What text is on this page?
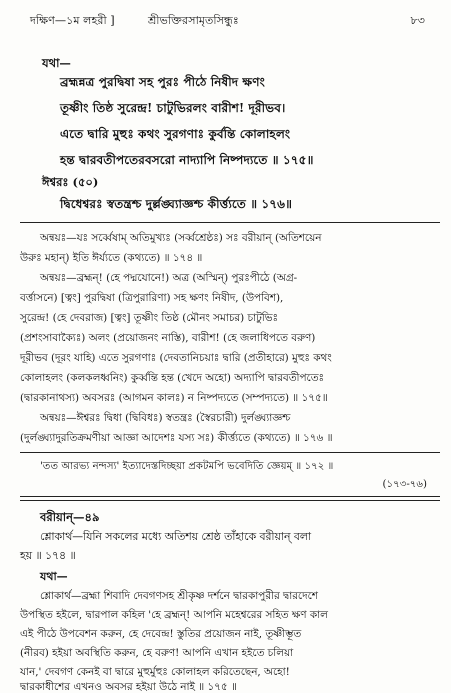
দক্ষিণ—১ম লহরী ]	শ্রীভক্তিরসামৃতসিন্ধুঃ	৮৩
যথা—
ব্রহ্মন্নত্র পুরদ্বিষা সহ পুরঃ পীঠে নিষীদ ক্ষণং
তূষ্ণীং তিষ্ঠ সুরেন্দ্র! চাটুভিরলং বারীশ! দূরীভব।
এতে দ্বারি মুহুঃ কথং সুরগণাঃ কুর্বন্তি কোলাহলং
হন্ত দ্বারবতীপতেরবসরো নাদ্যাপি নিষ্পদ্যতে ॥ ১৭৫॥
ঈশ্বরঃ (৫০)
দ্বিধেশ্বরঃ স্বতন্ত্রশ্চ দুর্ল্লঙ্ঘ্যাজ্ঞশ্চ কীর্ত্ত্যতে ॥ ১৭৬॥
অন্বয়ঃ—যঃ সর্ব্বেষাম্ অতিমুখ্যঃ (সর্ব্বশ্রেষ্ঠঃ) সঃ বরীয়ান্ (অতিশয়েন
উরুঃ মহান্) ইতি ঈর্য্যতে (কথ্যতে) ॥ ১৭৪ ॥
অন্বয়ঃ—ব্রহ্মন্! (হে পদ্মযোনে!) অত্র (অস্মিন্) পুরঃপীঠে (অগ্র-
বর্ত্তাসনে) [ত্বং] পুরদ্বিষা (ত্রিপুরারিণা) সহ ক্ষণং নিষীদ, (উপবিশ),
সুরেন্দ্র! (হে দেবরাজ) [ত্বং] তূষ্ণীং তিষ্ঠ (মৌনং সমাচর) চাটুভিঃ
(প্রশংসাবাক্যৈঃ) অলং (প্রয়োজনং নাস্তি), বারীশ! (হে জলাধিপতে বরুণ)
দূরীভব (দূরং যাহি) এতে সুরগণাঃ (দেবতানিচয়াঃ দ্বারি (প্রতীহারে) মুহুঃ কথং
কোলাহলং (কলকলধ্বনিং) কুর্ব্বন্তি হন্ত (খেদে অহো) অদ্যাপি দ্বারবতীপতেঃ
(দ্বারকানাথস্য) অবসরঃ (আগমন কালঃ) ন নিষ্পদ্যতে (সম্পদ্যতে) ॥ ১৭৫॥
অন্বয়ঃ—ঈশ্বরঃ দ্বিধা (দ্বিবিধঃ) স্বতন্ত্রঃ (স্বৈরচারী) দুর্লঙ্ঘ্যাজ্ঞশ্চ
(দুর্লঙ্ঘ্যাদুরতিক্রমণীয়া আজ্ঞা আদেশঃ যস্য সঃ) কীর্ত্ত্যতে (কথ্যতে) ॥ ১৭৬ ॥
'তত আরভ্য নন্দস্য' ইত্যাদেস্তদিচ্ছয়া প্রকটমপি ভবেদিতি জ্ঞেয়ম্ ॥ ১৭২ ॥
(১৭৩-৭৬)
বরীয়ান্—৪৯
শ্লোকার্থ—যিনি সকলের মধ্যে অতিশয় শ্রেষ্ঠ তাঁহাকে বরীয়ান্ বলা
হয় ॥ ১৭৪ ॥
যথা—
শ্লোকার্থ—ব্রহ্মা শিবাদি দেবগণসহ শ্রীকৃষ্ণ দর্শনে দ্বারকাপুরীর দ্বারদেশে
উপস্থিত হইলে, দ্বারপাল কহিল 'হে ব্রহ্মন্! আপনি মহেশ্বরের সহিত ক্ষণ কাল
এই পীঠে উপবেশন করুন, হে দেবেন্দ্র! স্তুতির প্রয়োজন নাই, তূষ্ণীম্ভূত
(নীরব) হইয়া অবস্থিতি করুন, হে বরুণ! আপনি এখান হইতে চলিয়া
যান,' দেবগণ কেনই বা দ্বারে মুহুর্মুহুঃ কোলাহল করিতেছেন, অহো!
দ্বারকাধীশের এখনও অবসর হইয়া উঠে নাই ॥ ১৭৫ ॥
